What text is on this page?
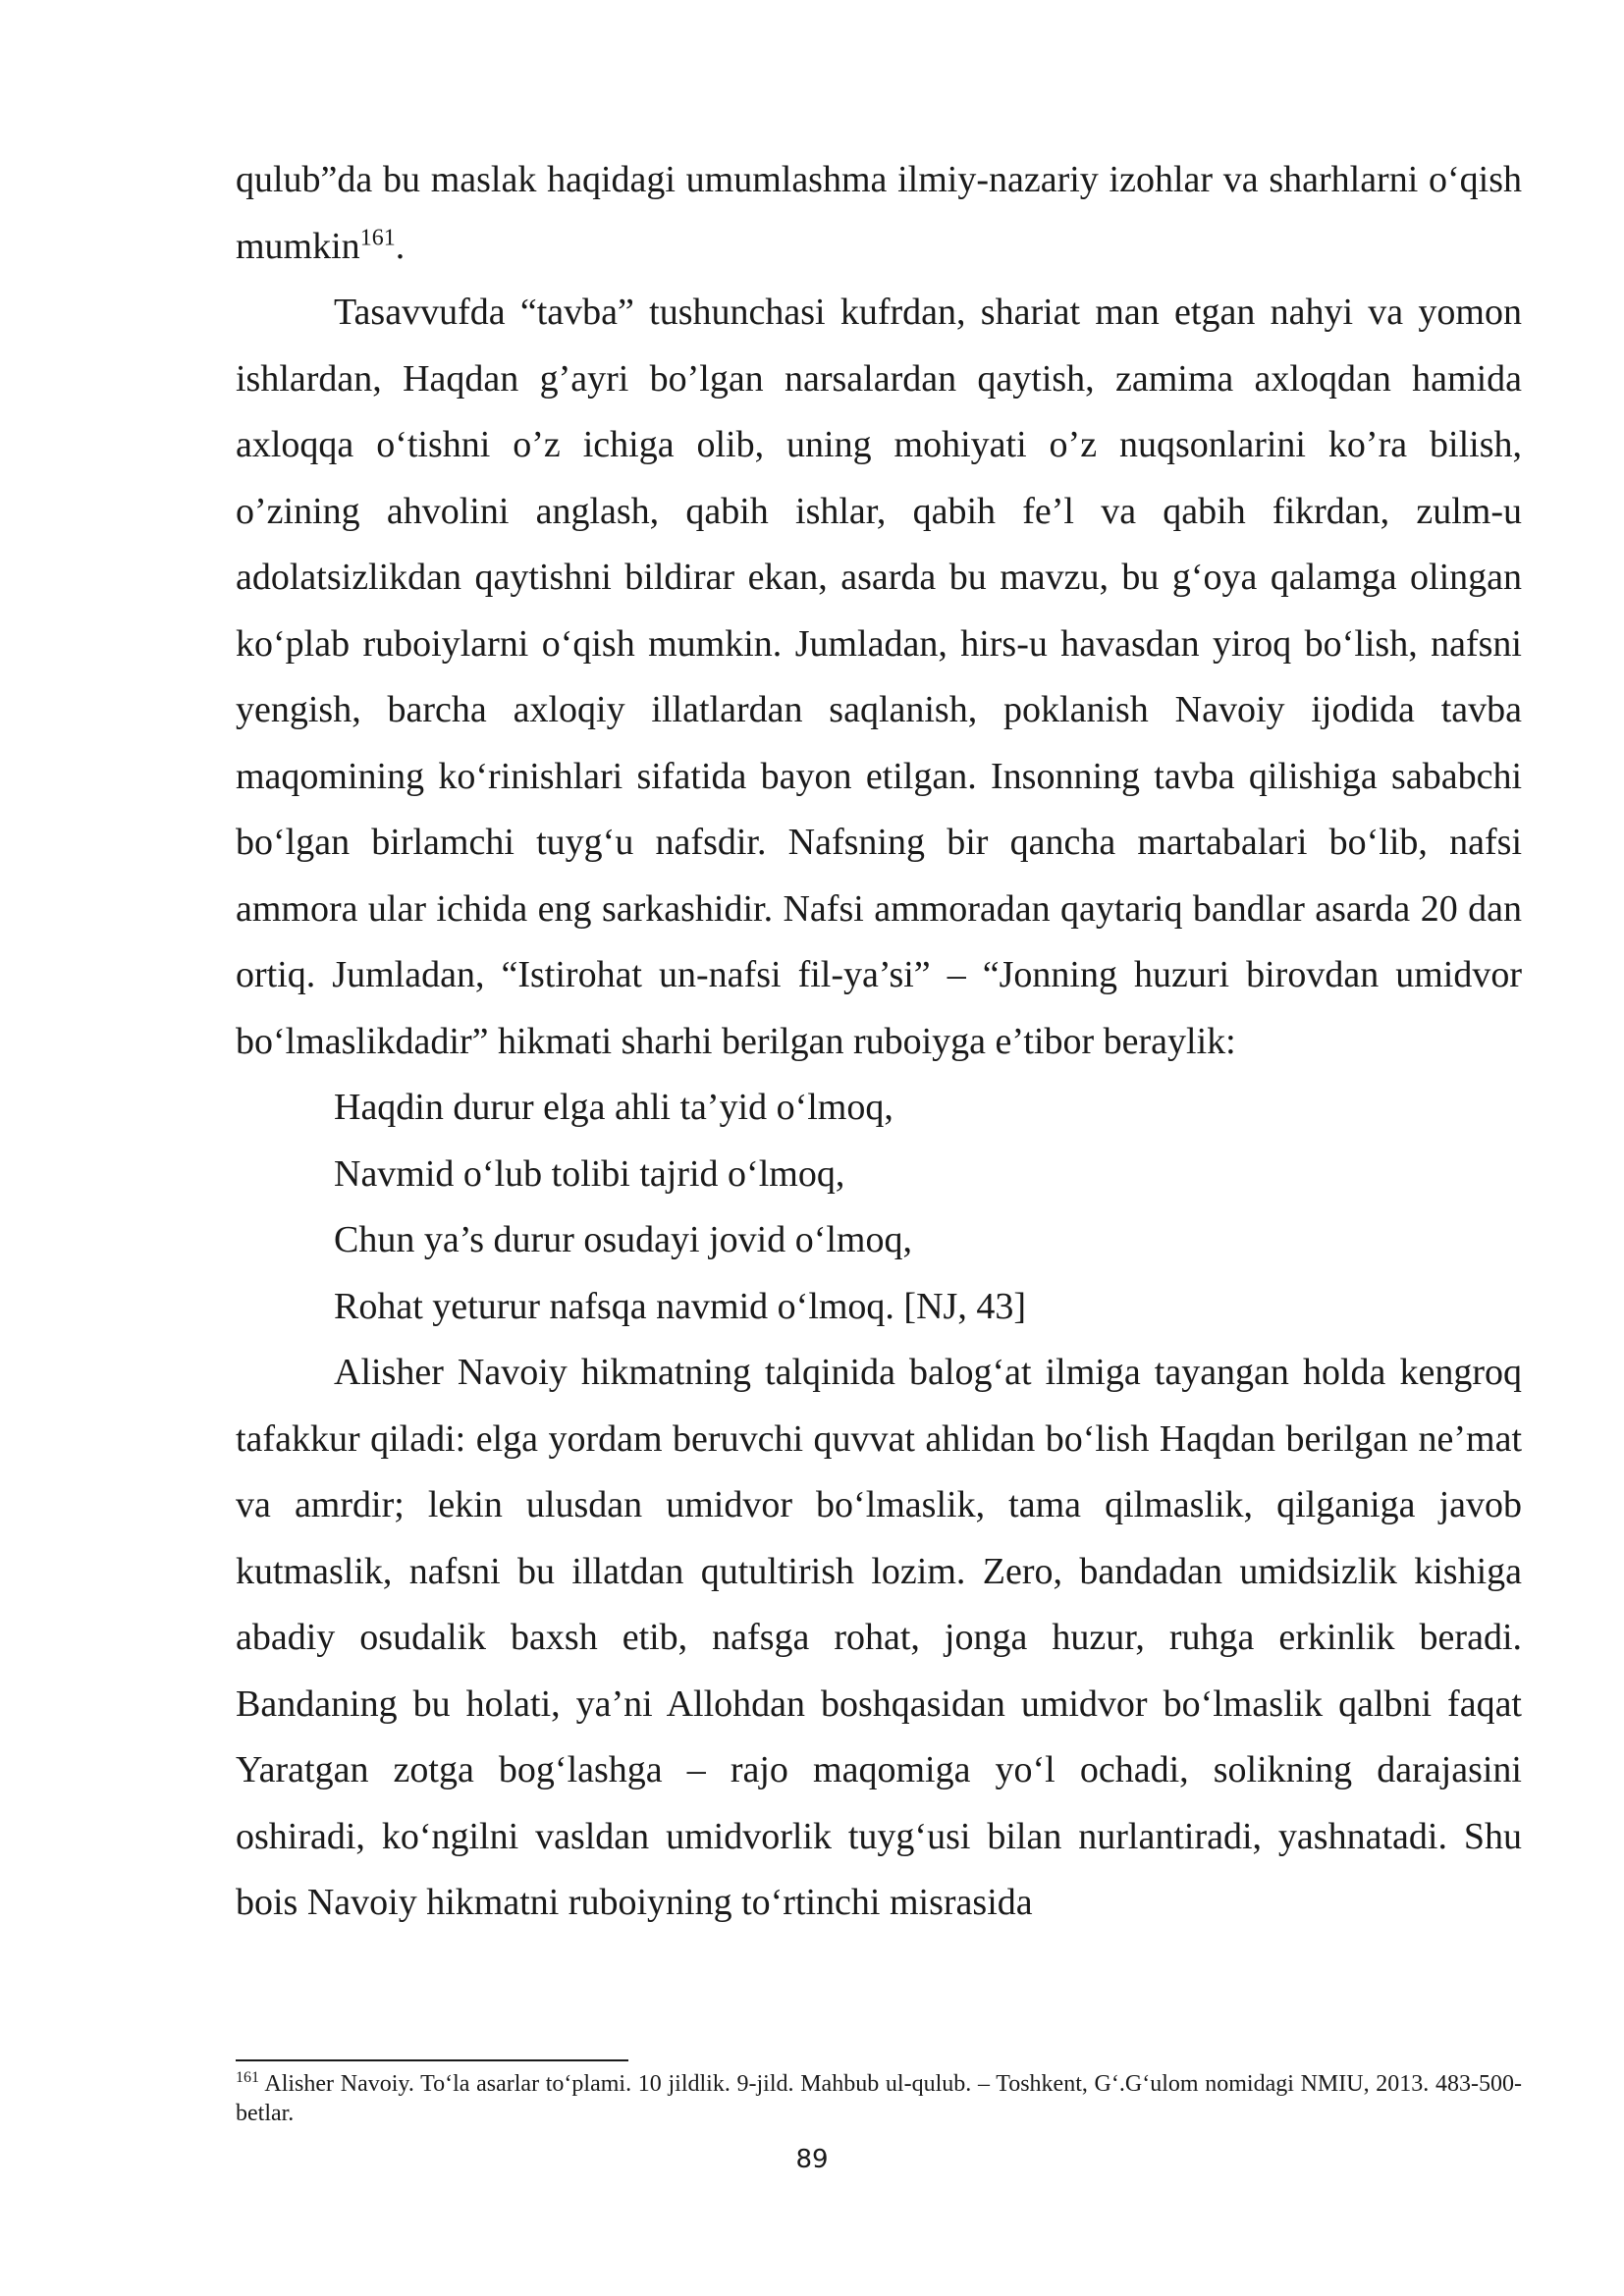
qulub”da bu maslak haqidagi umumlashma ilmiy-nazariy izohlar va sharhlarni o‘qish mumkin$^{161}$.

Tasavvufda “tavba” tushunchasi kufrdan, shariat man etgan nahyi va yomon ishlardan, Haqdan g’ayri bo’lgan narsalardan qaytish, zamima axloqdan hamida axloqqa o‘tishni o’z ichiga olib, uning mohiyati o’z nuqsonlarini ko’ra bilish, o’zining ahvolini anglash, qabih ishlar, qabih fe’l va qabih fikrdan, zulm-u adolatsizlikdan qaytishni bildirar ekan, asarda bu mavzu, bu g‘oya qalamga olingan ko‘plab ruboiylarni o‘qish mumkin. Jumladan, hirs-u havasdan yiroq bo‘lish, nafsni yengish, barcha axloqiy illatlardan saqlanish, poklanish Navoiy ijodida tavba maqomining ko‘rinishlari sifatida bayon etilgan. Insonning tavba qilishiga sababchi bo‘lgan birlamchi tuyg‘u nafsdir. Nafsning bir qancha martabalari bo‘lib, nafsi ammora ular ichida eng sarkashidir. Nafsi ammoradan qaytariq bandlar asarda 20 dan ortiq. Jumladan, “Istirohat un-nafsi fil-ya’si” – “Jonning huzuri birovdan umidvor bo‘lmaslikdadir” hikmati sharhi berilgan ruboiyga e’tibor beraylik:

Haqdin durur elga ahli ta’yid o‘lmoq,
Navmid o‘lub tolibi tajrid o‘lmoq,
Chun ya’s durur osudayi jovid o‘lmoq,
Rohat yeturur nafsqa navmid o‘lmoq. [NJ, 43]

Alisher Navoiy hikmatning talqinida balog‘at ilmiga tayangan holda kengroq tafakkur qiladi: elga yordam beruvchi quvvat ahlidan bo‘lish Haqdan berilgan ne’mat va amrdir; lekin ulusdan umidvor bo‘lmaslik, tama qilmaslik, qilganiga javob kutmaslik, nafsni bu illatdan qutultirish lozim. Zero, bandadan umidsizlik kishiga abadiy osudalik baxsh etib, nafsga rohat, jonga huzur, ruhga erkinlik beradi. Bandaning bu holati, ya’ni Allohdan boshqasidan umidvor bo‘lmaslik qalbni faqat Yaratgan zotga bog‘lashga – rajo maqomiga yo‘l ochadi, solikning darajasini oshiradi, ko‘ngilni vasldan umidvorlik tuyg‘usi bilan nurlantiradi, yashnatadi. Shu bois Navoiy hikmatni ruboiyning to‘rtinchi misrasida

$^{161}$ Alisher Navoiy. To‘la asarlar to‘plami. 10 jildlik. 9-jild. Mahbub ul-qulub. – Toshkent, G‘.G‘ulom nomidagi NMIU, 2013. 483-500-betlar.
89
